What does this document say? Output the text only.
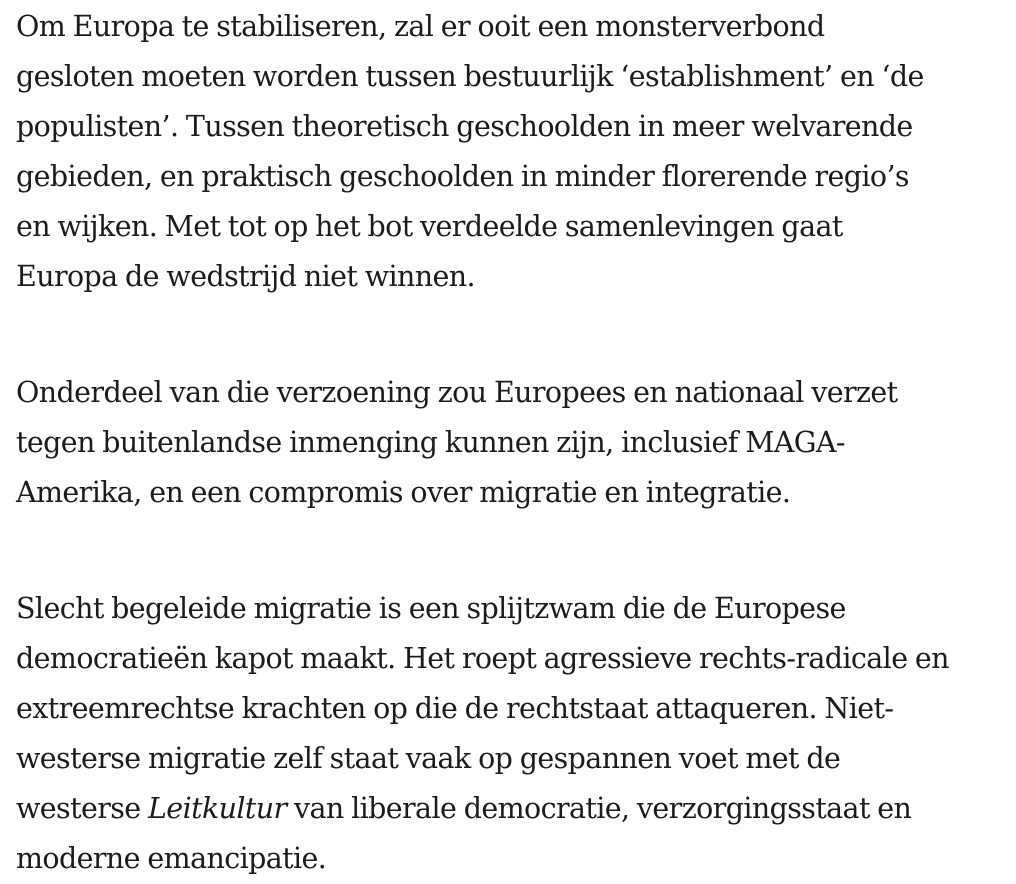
Om Europa te stabiliseren, zal er ooit een monsterverbond
gesloten moeten worden tussen bestuurlijk ‘establishment’ en ‘de
populisten’. Tussen theoretisch geschoolden in meer welvarende
gebieden, en praktisch geschoolden in minder florerende regio’s
en wijken. Met tot op het bot verdeelde samenlevingen gaat
Europa de wedstrijd niet winnen.

Onderdeel van die verzoening zou Europees en nationaal verzet
tegen buitenlandse inmenging kunnen zijn, inclusief MAGA-
Amerika, en een compromis over migratie en integratie.

Slecht begeleide migratie is een splijtzwam die de Europese
democratieën kapot maakt. Het roept agressieve rechts-radicale en
extreemrechtse krachten op die de rechtstaat attaqueren. Niet-
westerse migratie zelf staat vaak op gespannen voet met de
westerse Leitkultur van liberale democratie, verzorgingsstaat en
moderne emancipatie.
